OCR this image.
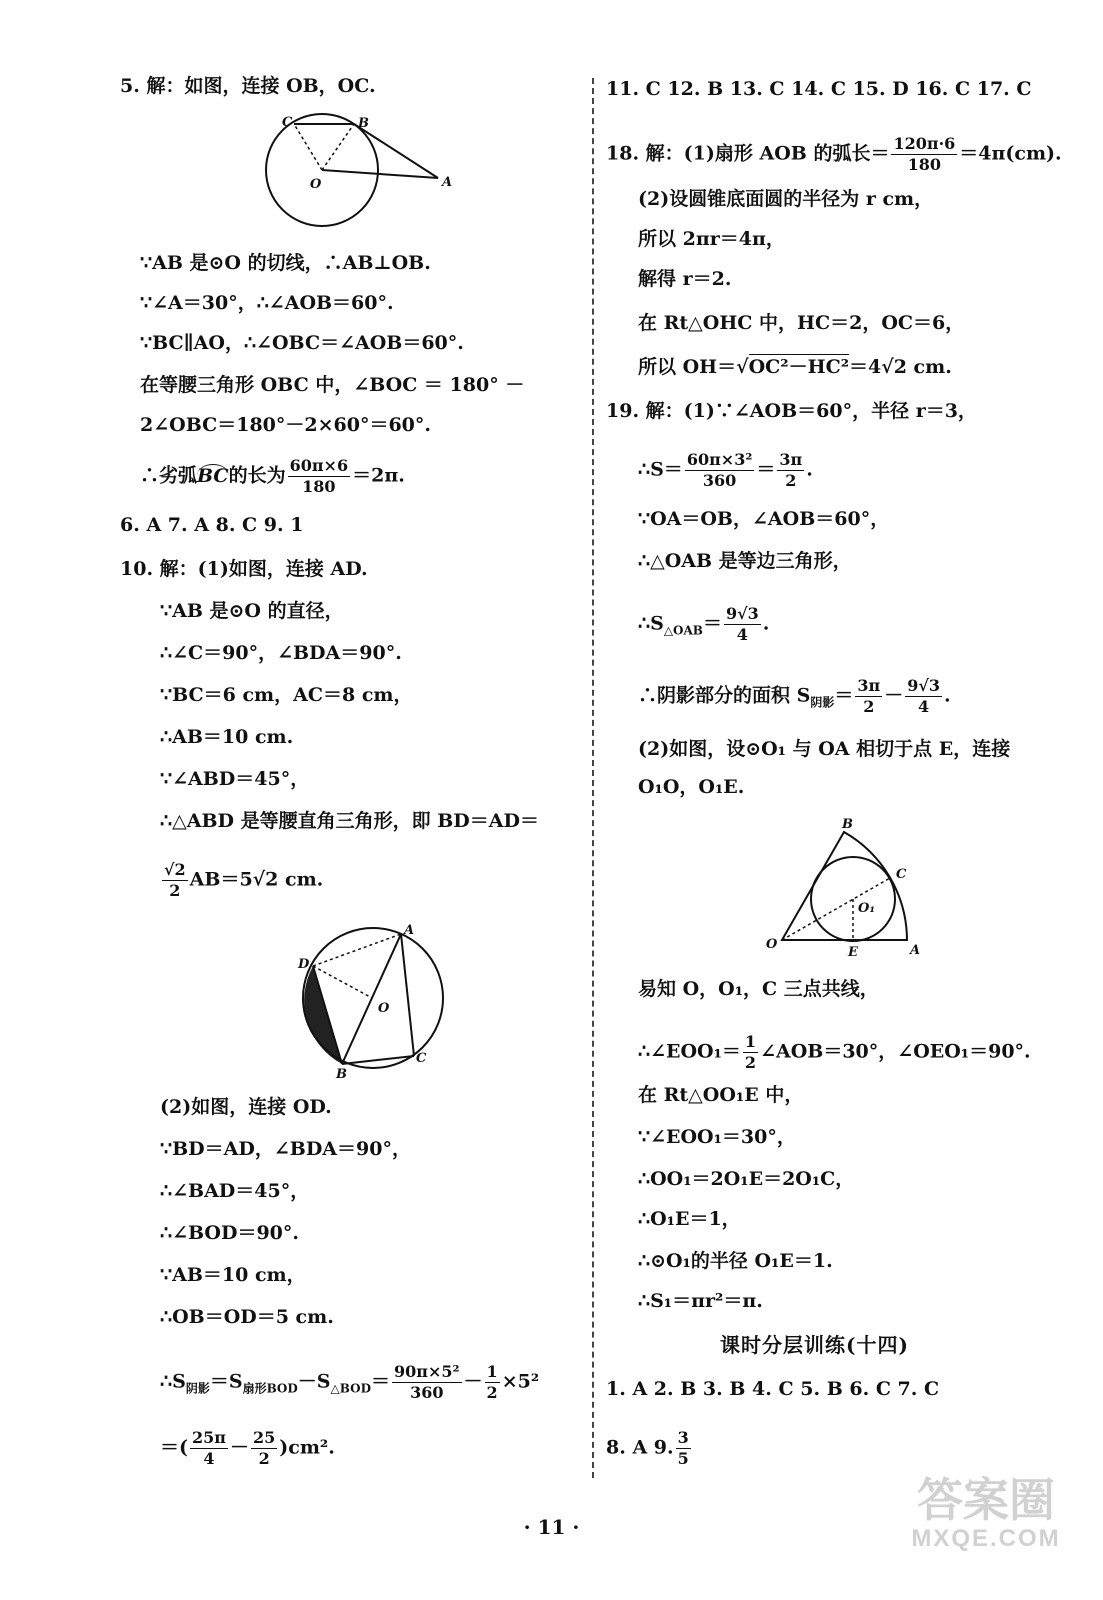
5. 解：如图，连接 OB，OC.
C	B
O	A
∵AB 是⊙O 的切线，∴AB⊥OB.
∵∠A＝30°，∴∠AOB＝60°.
∵BC∥AO，∴∠OBC＝∠AOB＝60°.
在等腰三角形 OBC 中，∠BOC ＝ 180° －
2∠OBC＝180°－2×60°＝60°.
∴劣弧BC的长为 $\frac{60\pi\times 6}{180} =2\pi$.
6. A 7. A 8. C 9. 1
10. 解：(1)如图，连接 AD.
∵AB 是⊙O 的直径，
∴∠C＝90°，∠BDA＝90°.
∵BC＝6 cm，AC＝8 cm，
∴AB＝10 cm.
∵∠ABD＝45°，
∴△ABD 是等腰直角三角形，即 BD＝AD＝
$\frac{√2}{2} AB=5√2$ cm.
A
D
O
B
C
(2)如图，连接 OD.
∵BD＝AD，∠BDA＝90°，
∴∠BAD＝45°，
∴∠BOD＝90°.
∵AB＝10 cm，
∴OB＝OD＝5 cm.
$\therefore S_{阴影}=S_{扇形BOD}-S_{\triangle BOD}= \frac{\text{90π×5²}}{360} - \frac{1}{2} \times 5^2$
＝( $\frac{25\pi}{4} - \frac{25}{2} )cm^2$.
11. C 12. B 13. C 14. C 15. D 16. C 17. C
18. 解：(1)扇形 AOB 的弧长＝ $\frac{120\pi\cdot 6}{180} =4\pi(cm)$.
(2)设圆锥底面圆的半径为 r cm，
所以 2πr＝4π，
解得 r＝2.
在 Rt△OHC 中，HC＝2，OC＝6，
所以 OH＝√OC²－HC²＝4√2 cm.
19. 解：(1)∵∠AOB＝60°，半径 r＝3，
∴S＝ $\frac{\text{60π×3²}}{360} = \frac{3\pi}{2}$ .
∵OA＝OB，∠AOB＝60°，
∴△OAB 是等边三角形，
$\therefore S_{\triangle OAB}= \frac{9√3}{4}$ .
∴阴影部分的面积 $S_{阴影}= \frac{3\pi}{2} - \frac{9√3}{4}$ .
(2)如图，设⊙O₁ 与 OA 相切于点 E，连接
O₁O，O₁E.
B
C
O₁
O
E	A
易知 O，O₁，C 三点共线，
∴∠EOO₁＝ $\frac{1}{2}$ ∠AOB＝30°，∠OEO₁＝90°.
在 Rt△OO₁E 中，
∵∠EOO₁＝30°，
∴OO₁＝2O₁E＝2O₁C，
∴O₁E＝1，
∴⊙O₁的半径 O₁E＝1.
∴S₁＝πr²＝π.
课时分层训练(十四)
1. A 2. B 3. B 4. C 5. B 6. C 7. C
8. A 9. $\frac{3}{5}$
· 11 ·	答案圈
MXQE.COM
